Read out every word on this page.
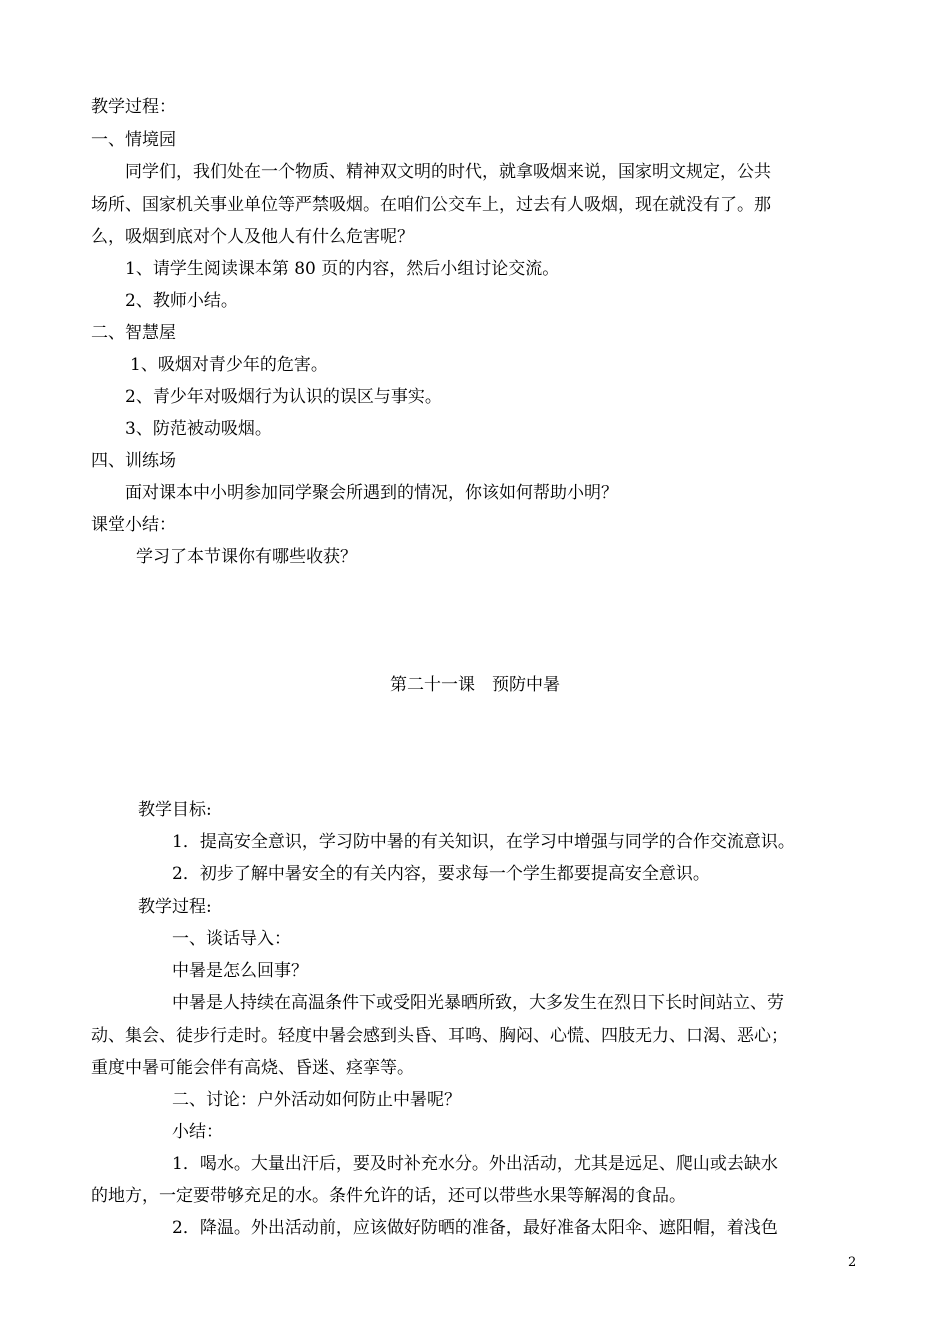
教学过程：
一、情境园
同学们，我们处在一个物质、精神双文明的时代，就拿吸烟来说，国家明文规定，公共
场所、国家机关事业单位等严禁吸烟。在咱们公交车上，过去有人吸烟，现在就没有了。那
么，吸烟到底对个人及他人有什么危害呢？
1、请学生阅读课本第 80 页的内容，然后小组讨论交流。
2、教师小结。
二、智慧屋
1、吸烟对青少年的危害。
2、青少年对吸烟行为认识的误区与事实。
3、防范被动吸烟。
四、训练场
面对课本中小明参加同学聚会所遇到的情况，你该如何帮助小明？
课堂小结：
学习了本节课你有哪些收获？
第二十一课　预防中暑
教学目标:
1．提高安全意识，学习防中暑的有关知识，在学习中增强与同学的合作交流意识。
2．初步了解中暑安全的有关内容，要求每一个学生都要提高安全意识。
教学过程:
一、谈话导入：
中暑是怎么回事？
中暑是人持续在高温条件下或受阳光暴晒所致，大多发生在烈日下长时间站立、劳
动、集会、徒步行走时。轻度中暑会感到头昏、耳鸣、胸闷、心慌、四肢无力、口渴、恶心；
重度中暑可能会伴有高烧、昏迷、痉挛等。
二、讨论：户外活动如何防止中暑呢？
小结：
1．喝水。大量出汗后，要及时补充水分。外出活动，尤其是远足、爬山或去缺水
的地方，一定要带够充足的水。条件允许的话，还可以带些水果等解渴的食品。
2．降温。外出活动前，应该做好防晒的准备，最好准备太阳伞、遮阳帽，着浅色
2
